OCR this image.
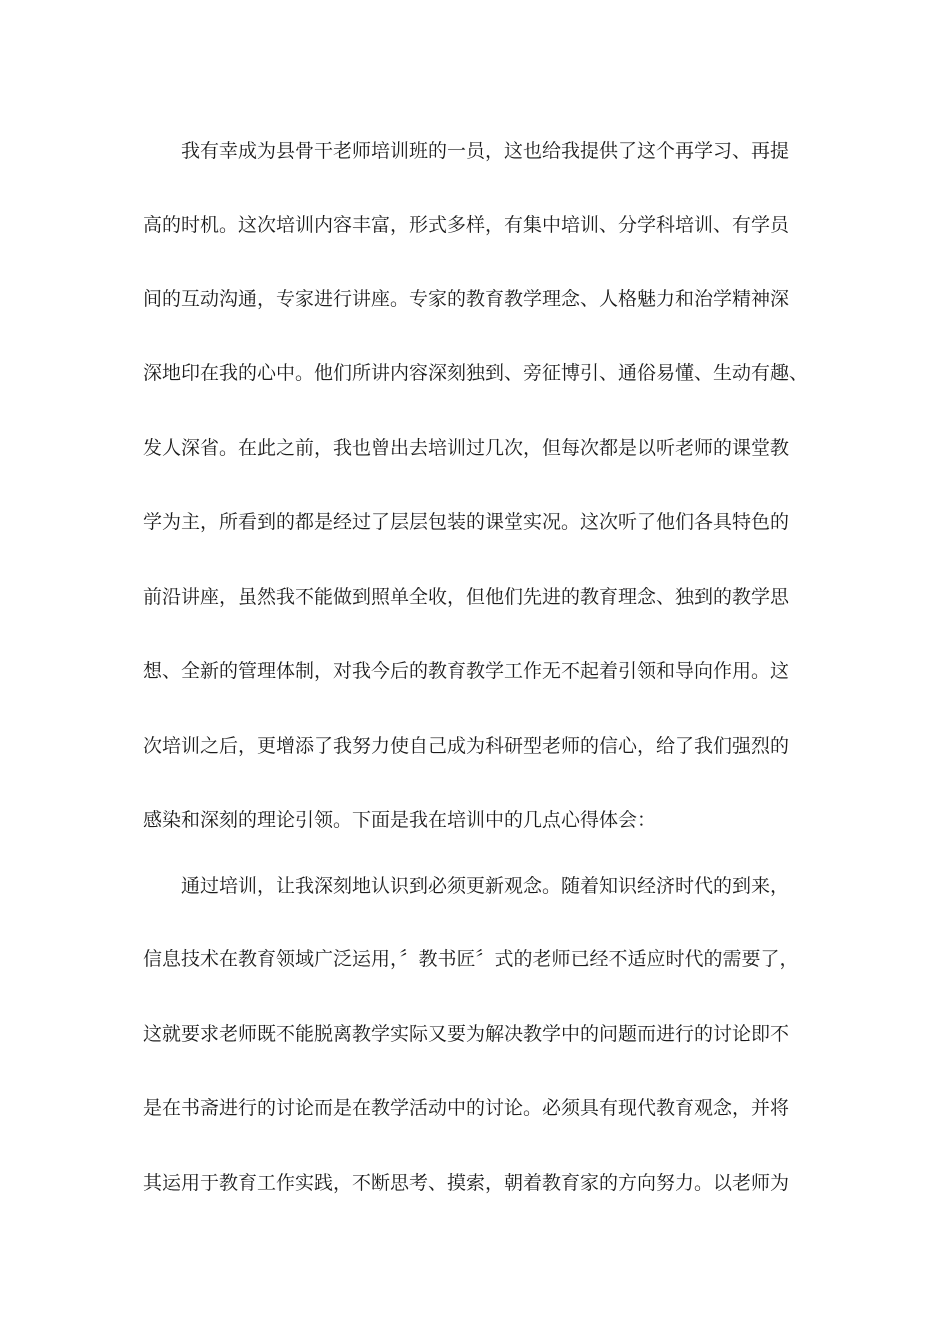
我有幸成为县骨干老师培训班的一员，这也给我提供了这个再学习、再提
高的时机。这次培训内容丰富，形式多样，有集中培训、分学科培训、有学员
间的互动沟通，专家进行讲座。专家的教育教学理念、人格魅力和治学精神深
深地印在我的心中。他们所讲内容深刻独到、旁征博引、通俗易懂、生动有趣、
发人深省。在此之前，我也曾出去培训过几次，但每次都是以听老师的课堂教
学为主，所看到的都是经过了层层包装的课堂实况。这次听了他们各具特色的
前沿讲座，虽然我不能做到照单全收，但他们先进的教育理念、独到的教学思
想、全新的管理体制，对我今后的教育教学工作无不起着引领和导向作用。这
次培训之后，更增添了我努力使自己成为科研型老师的信心，给了我们强烈的
感染和深刻的理论引领。下面是我在培训中的几点心得体会：
通过培训，让我深刻地认识到必须更新观念。随着知识经济时代的到来，
信息技术在教育领域广泛运用，〞教书匠〞式的老师已经不适应时代的需要了，
这就要求老师既不能脱离教学实际又要为解决教学中的问题而进行的讨论即不
是在书斋进行的讨论而是在教学活动中的讨论。必须具有现代教育观念，并将
其运用于教育工作实践，不断思考、摸索，朝着教育家的方向努力。以老师为
